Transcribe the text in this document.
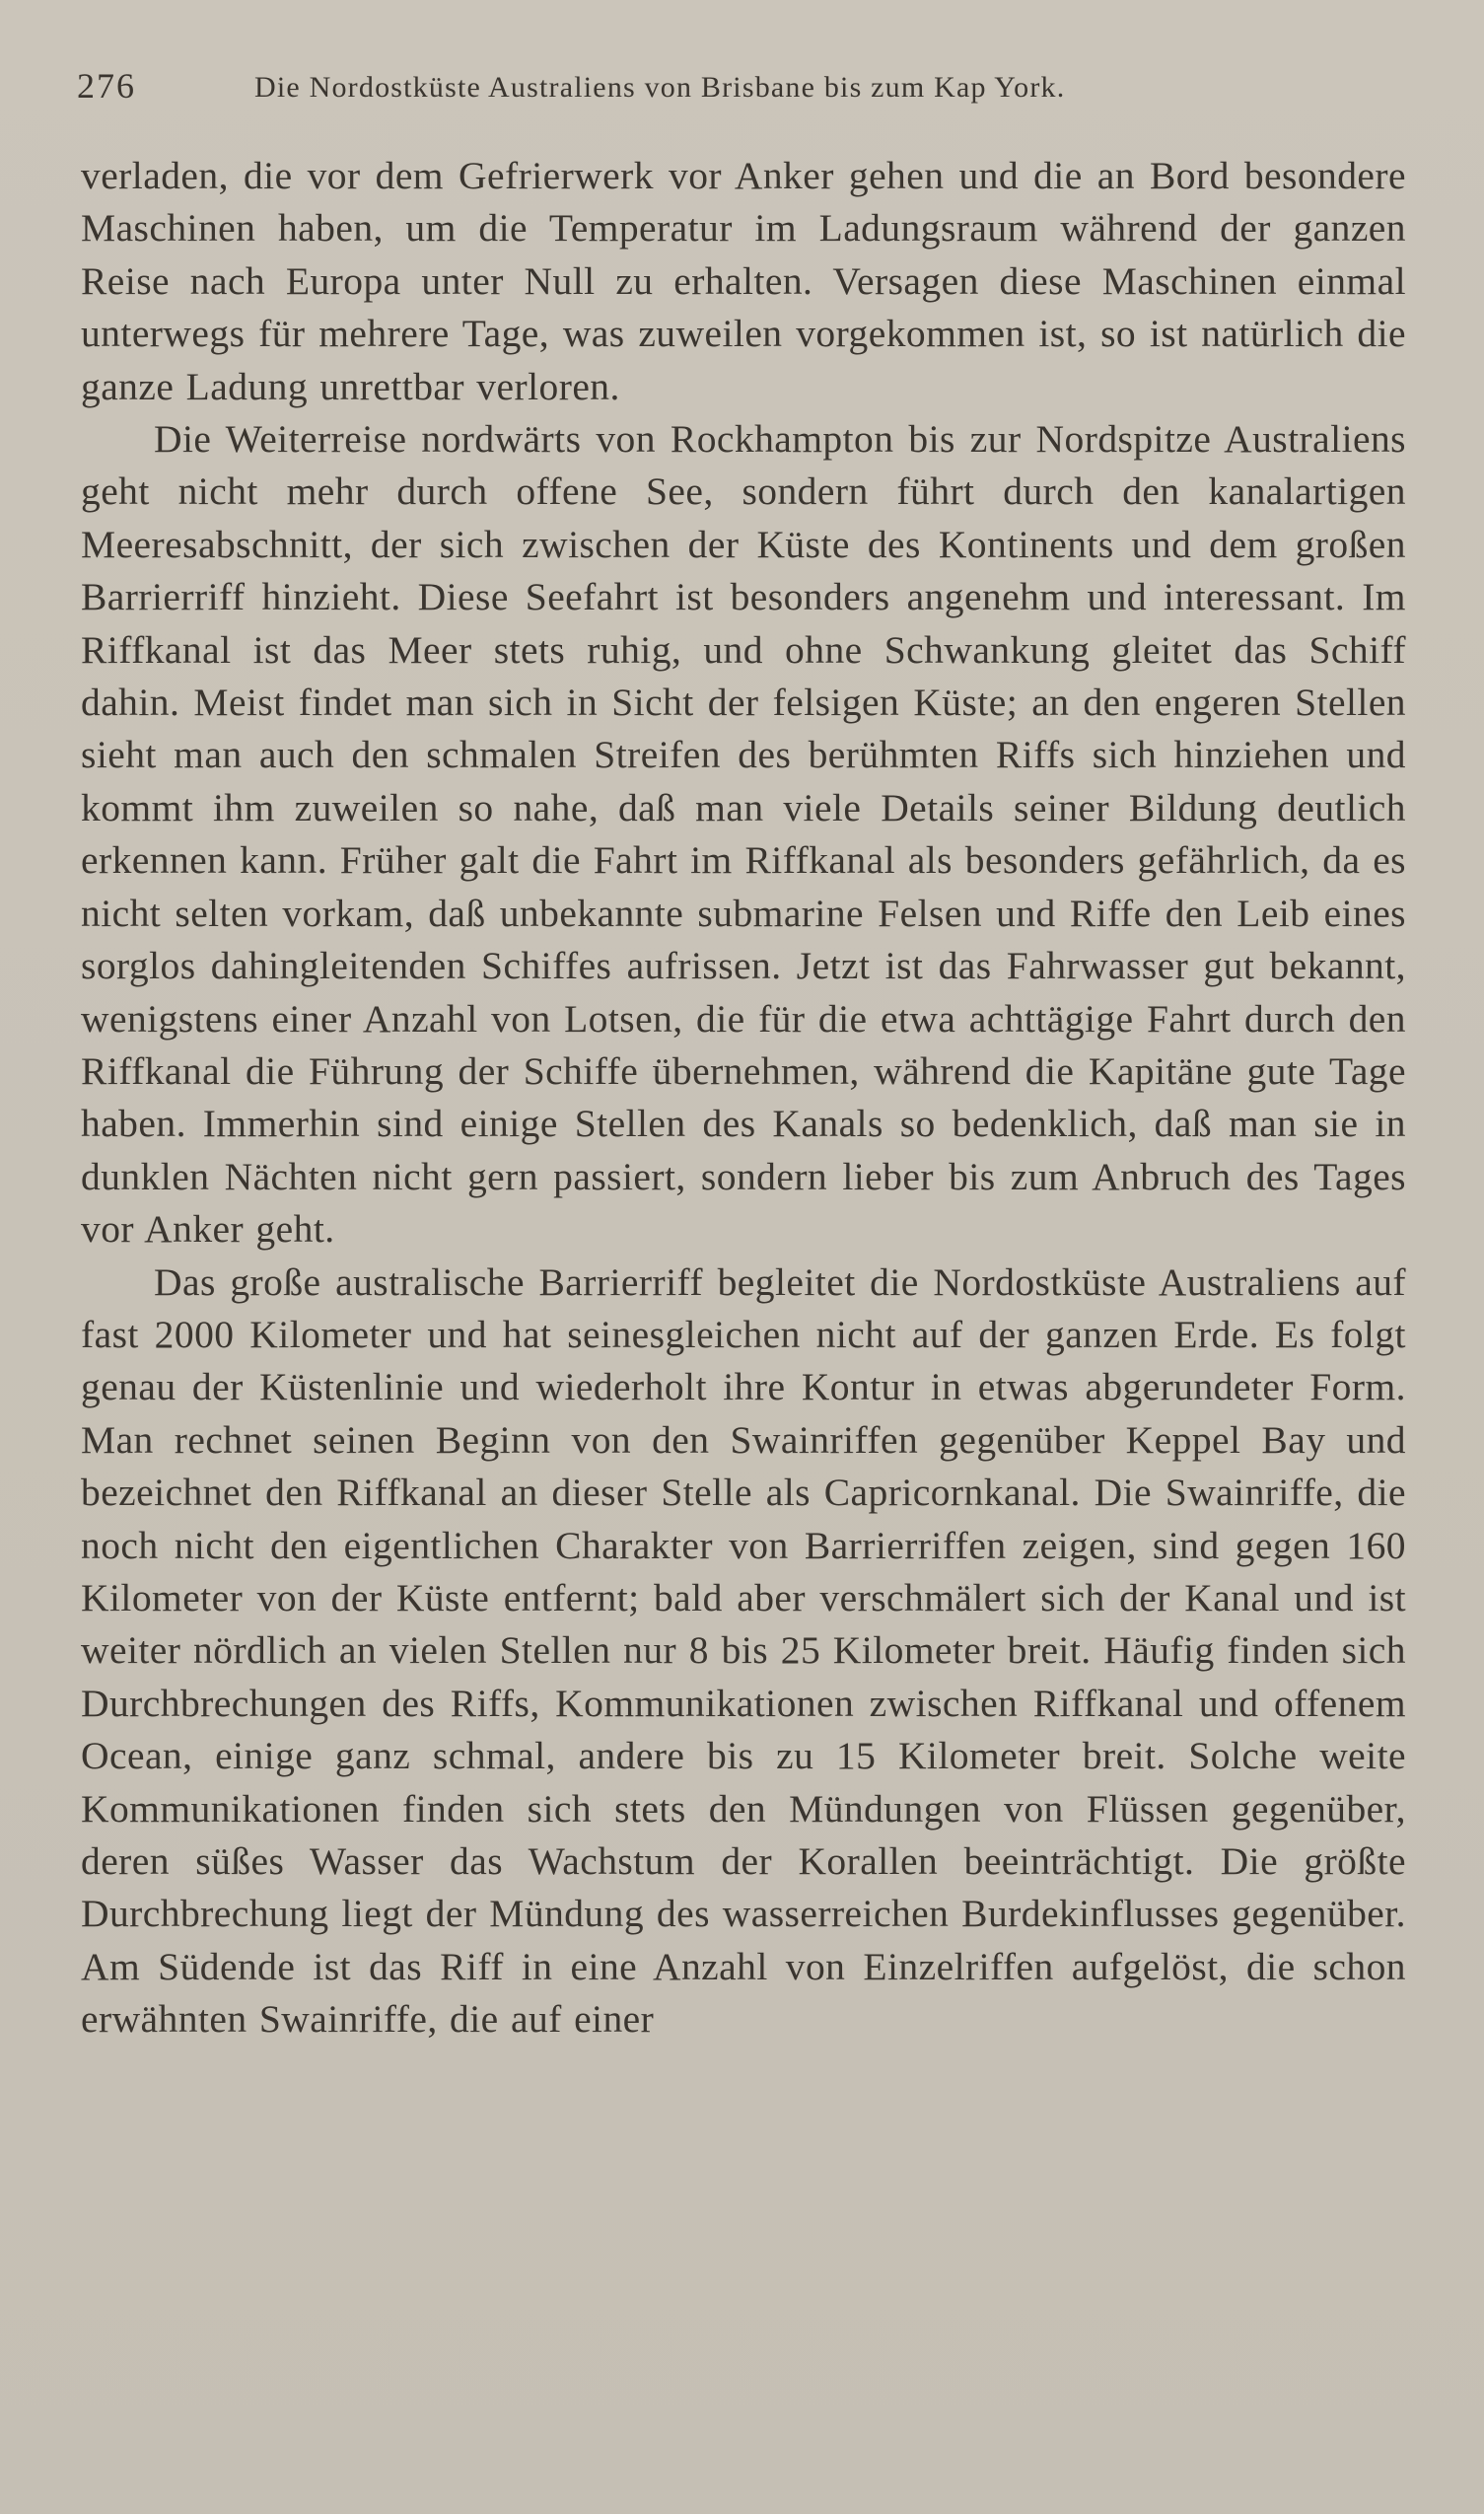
276	Die Nordostküste Australiens von Brisbane bis zum Kap York.

verladen, die vor dem Gefrierwerk vor Anker gehen und die an Bord besondere Maschinen haben, um die Temperatur im Ladungsraum während der ganzen Reise nach Europa unter Null zu erhalten. Versagen diese Maschinen einmal unterwegs für mehrere Tage, was zuweilen vorgekommen ist, so ist natürlich die ganze Ladung unrettbar verloren.

Die Weiterreise nordwärts von Rockhampton bis zur Nordspitze Australiens geht nicht mehr durch offene See, sondern führt durch den kanalartigen Meeresabschnitt, der sich zwischen der Küste des Kontinents und dem großen Barrierriff hinzieht. Diese Seefahrt ist besonders angenehm und interessant. Im Riffkanal ist das Meer stets ruhig, und ohne Schwankung gleitet das Schiff dahin. Meist findet man sich in Sicht der felsigen Küste; an den engeren Stellen sieht man auch den schmalen Streifen des berühmten Riffs sich hinziehen und kommt ihm zuweilen so nahe, daß man viele Details seiner Bildung deutlich erkennen kann. Früher galt die Fahrt im Riffkanal als besonders gefährlich, da es nicht selten vorkam, daß unbekannte submarine Felsen und Riffe den Leib eines sorglos dahingleitenden Schiffes aufrissen. Jetzt ist das Fahrwasser gut bekannt, wenigstens einer Anzahl von Lotsen, die für die etwa achttägige Fahrt durch den Riffkanal die Führung der Schiffe übernehmen, während die Kapitäne gute Tage haben. Immerhin sind einige Stellen des Kanals so bedenklich, daß man sie in dunklen Nächten nicht gern passiert, sondern lieber bis zum Anbruch des Tages vor Anker geht.

Das große australische Barrierriff begleitet die Nordostküste Australiens auf fast 2000 Kilometer und hat seinesgleichen nicht auf der ganzen Erde. Es folgt genau der Küstenlinie und wiederholt ihre Kontur in etwas abgerundeter Form. Man rechnet seinen Beginn von den Swainriffen gegenüber Keppel Bay und bezeichnet den Riffkanal an dieser Stelle als Capricornkanal. Die Swainriffe, die noch nicht den eigentlichen Charakter von Barrierriffen zeigen, sind gegen 160 Kilometer von der Küste entfernt; bald aber verschmälert sich der Kanal und ist weiter nördlich an vielen Stellen nur 8 bis 25 Kilometer breit. Häufig finden sich Durchbrechungen des Riffs, Kommunikationen zwischen Riffkanal und offenem Ocean, einige ganz schmal, andere bis zu 15 Kilometer breit. Solche weite Kommunikationen finden sich stets den Mündungen von Flüssen gegenüber, deren süßes Wasser das Wachstum der Korallen beeinträchtigt. Die größte Durchbrechung liegt der Mündung des wasserreichen Burdekinflusses gegenüber. Am Südende ist das Riff in eine Anzahl von Einzelriffen aufgelöst, die schon erwähnten Swainriffe, die auf einer
